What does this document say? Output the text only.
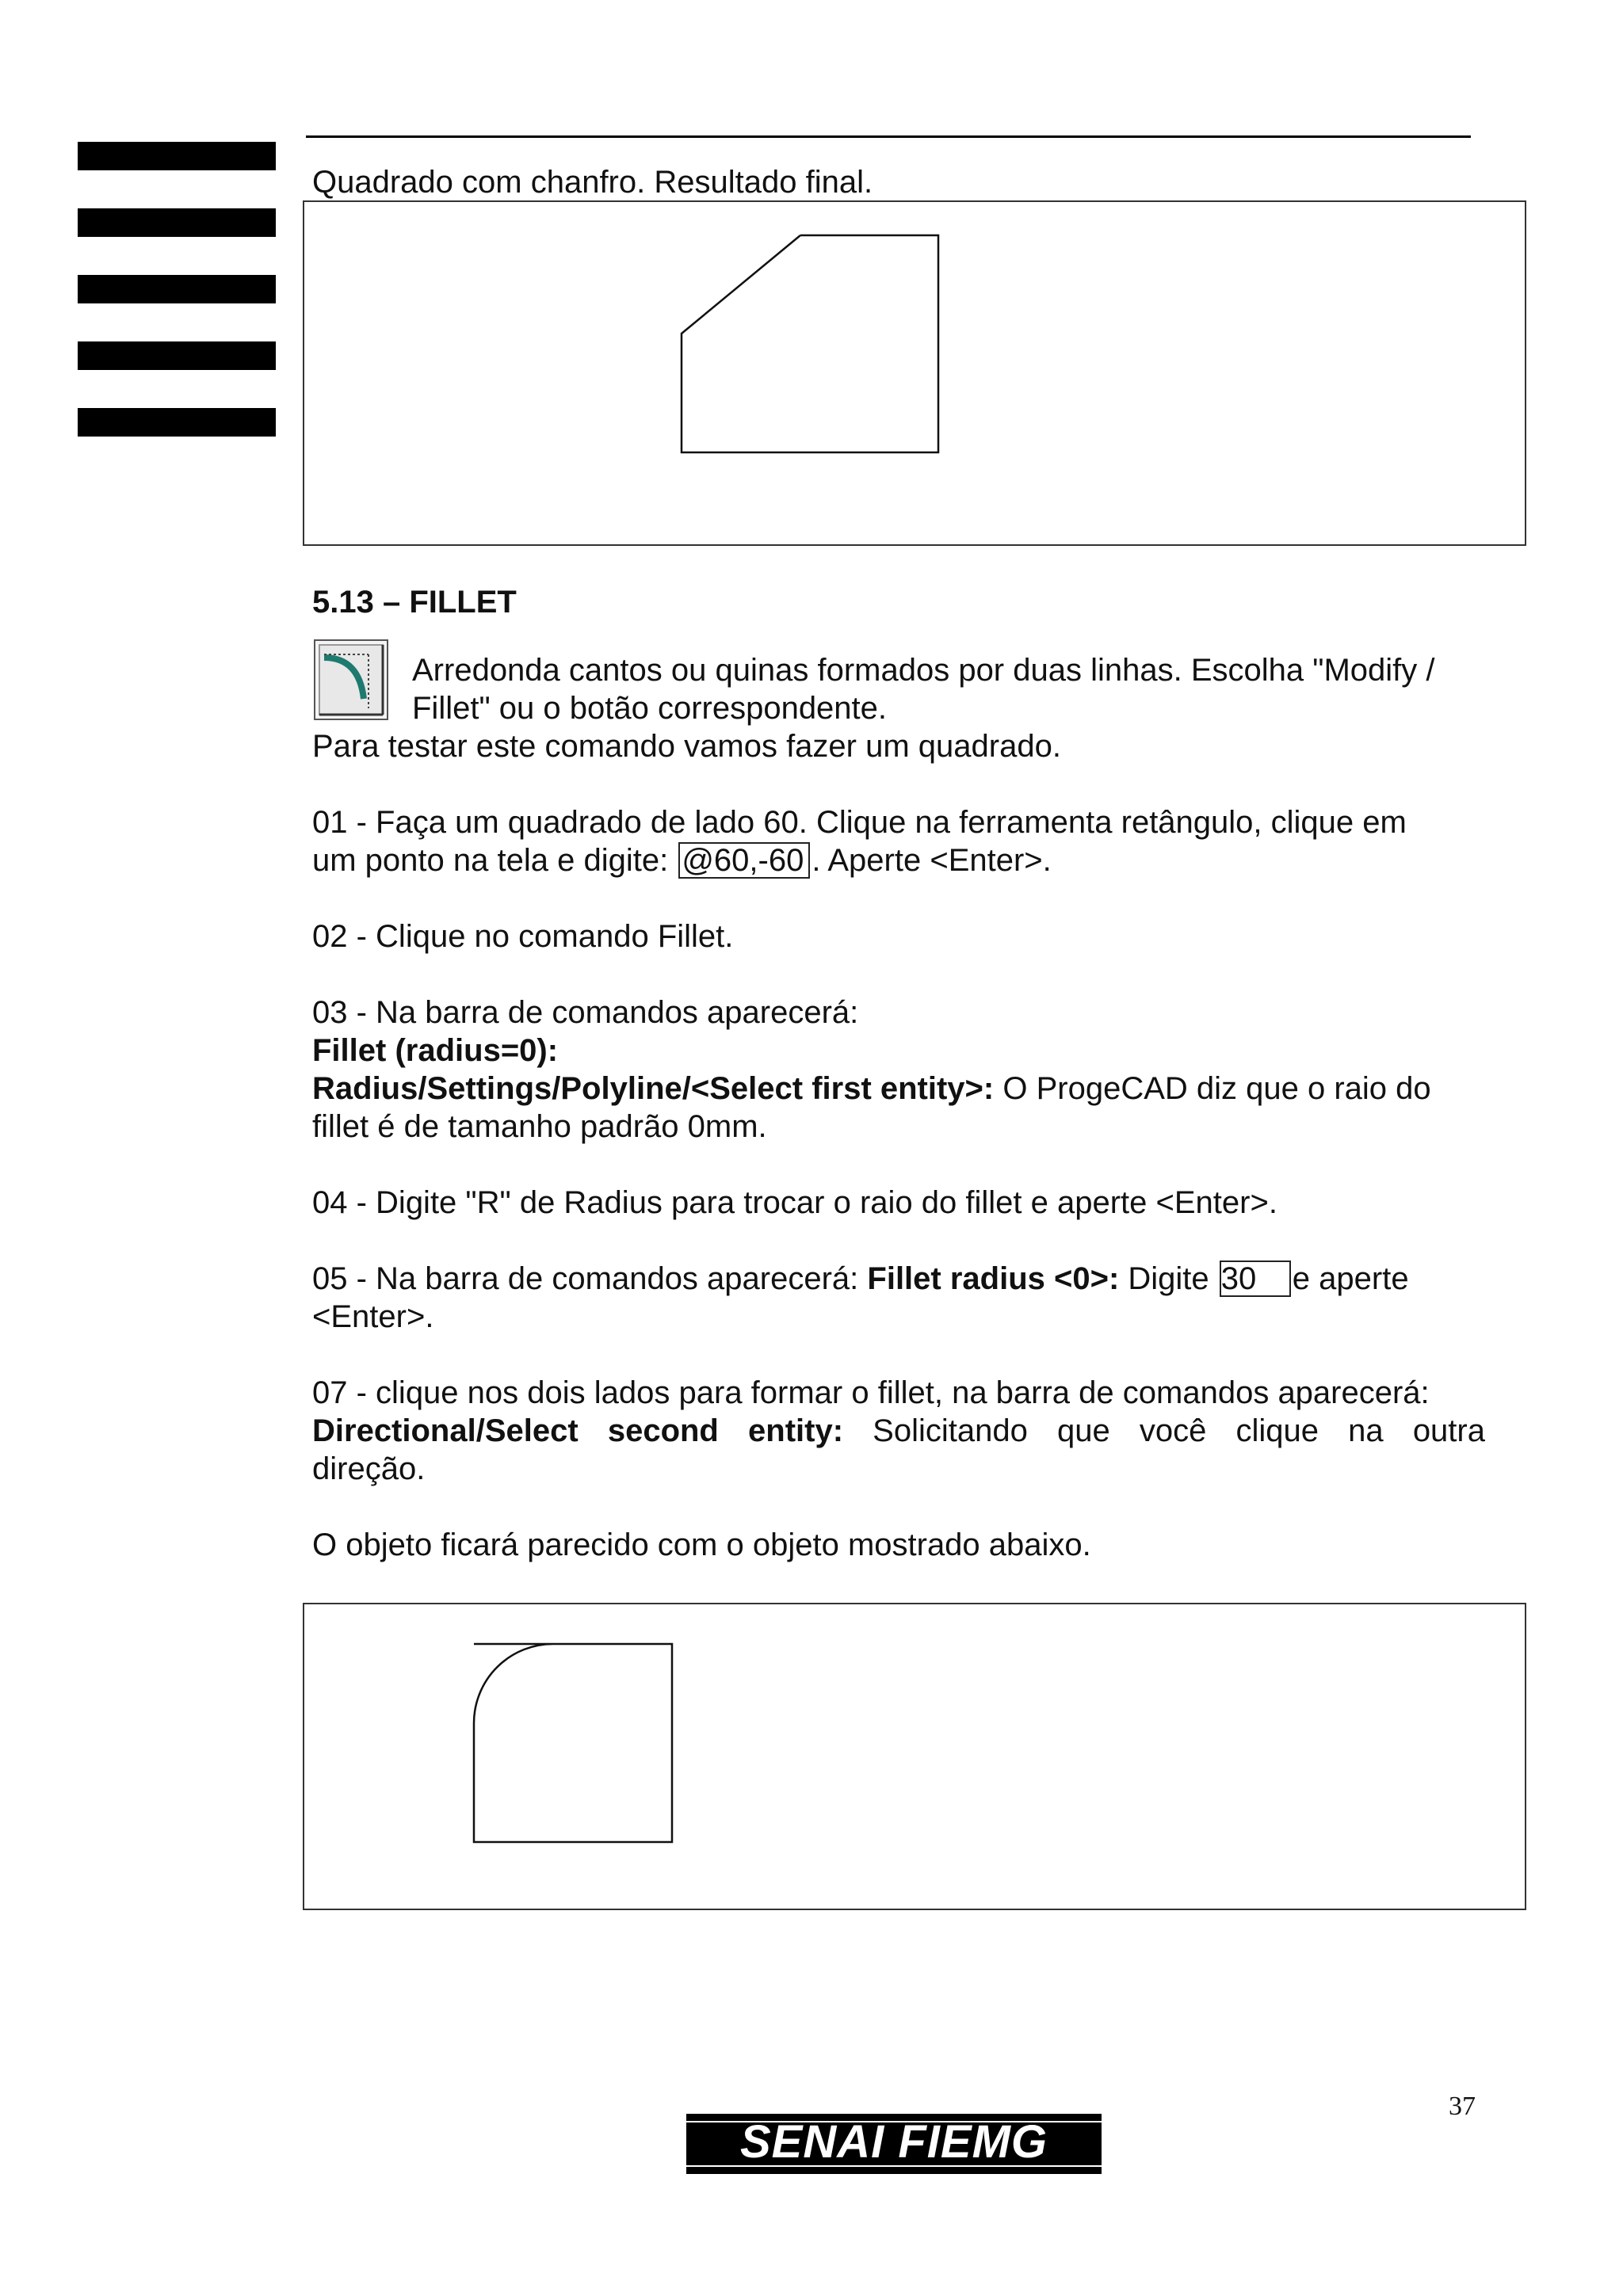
Quadrado com chanfro. Resultado final.
5.13 – FILLET
Arredonda cantos ou quinas formados por duas linhas. Escolha "Modify /
Fillet" ou o botão correspondente.
Para testar este comando vamos fazer um quadrado.
01 - Faça um quadrado de lado 60. Clique na ferramenta retângulo, clique em
um ponto na tela e digite: @60,-60 . Aperte <Enter>.
02 - Clique no comando Fillet.
03 - Na barra de comandos aparecerá:
Fillet (radius=0):
Radius/Settings/Polyline/<Select first entity>: O ProgeCAD diz que o raio do
fillet é de tamanho padrão 0mm.
04 - Digite "R" de Radius para trocar o raio do fillet e aperte <Enter>.
05 - Na barra de comandos aparecerá: Fillet radius <0>: Digite 30 e aperte
<Enter>.
07 - clique nos dois lados para formar o fillet, na barra de comandos aparecerá:
Directional/Select second entity: Solicitando que você clique na outra
direção.
O objeto ficará parecido com o objeto mostrado abaixo.
37
SENAI FIEMG
